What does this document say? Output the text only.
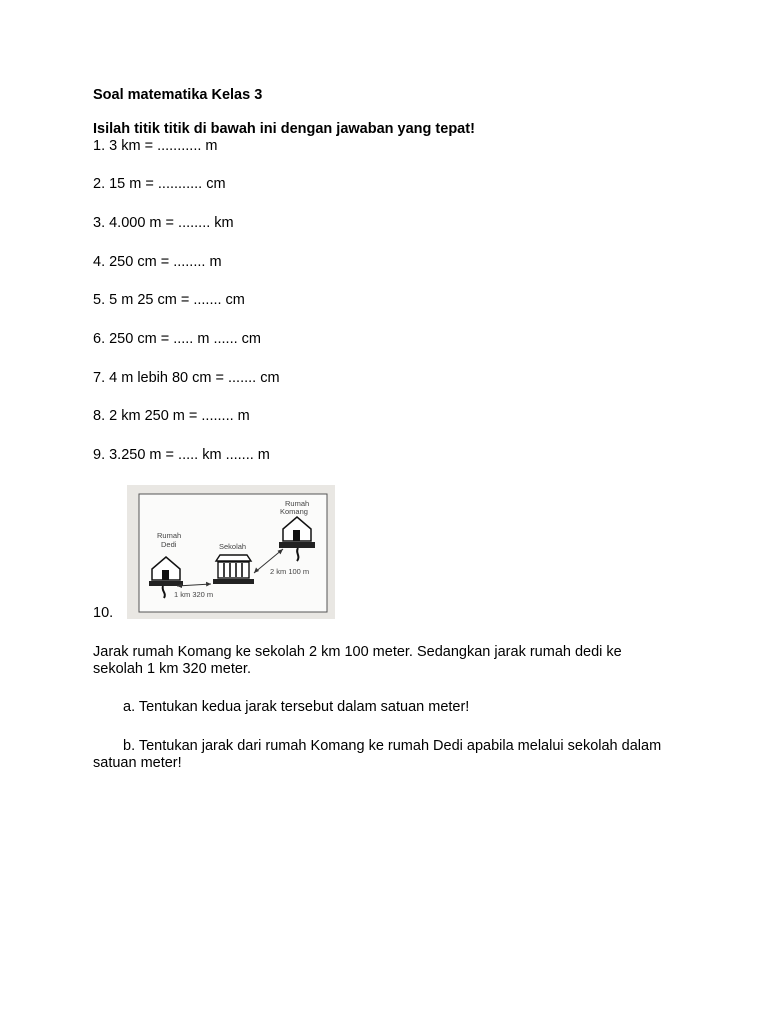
Soal matematika Kelas 3
Isilah titik titik di bawah ini dengan jawaban yang tepat!
1. 3 km = ........... m
2. 15 m = ........... cm
3. 4.000 m = ........ km
4. 250 cm = ........ m
5. 5 m 25 cm = ....... cm
6. 250 cm = ..... m ...... cm
7. 4 m lebih 80 cm = ....... cm
8. 2 km 250 m = ........ m
9. 3.250 m = ..... km ....... m
10.
Rumah
Dedi	Sekolah
Rumah
Komang
1 km 320 m
2 km 100 m
Jarak rumah Komang ke sekolah 2 km 100 meter. Sedangkan jarak rumah dedi ke sekolah 1 km 320 meter.
a. Tentukan kedua jarak tersebut dalam satuan meter!
b. Tentukan jarak dari rumah Komang ke rumah Dedi apabila melalui sekolah dalam satuan meter!
